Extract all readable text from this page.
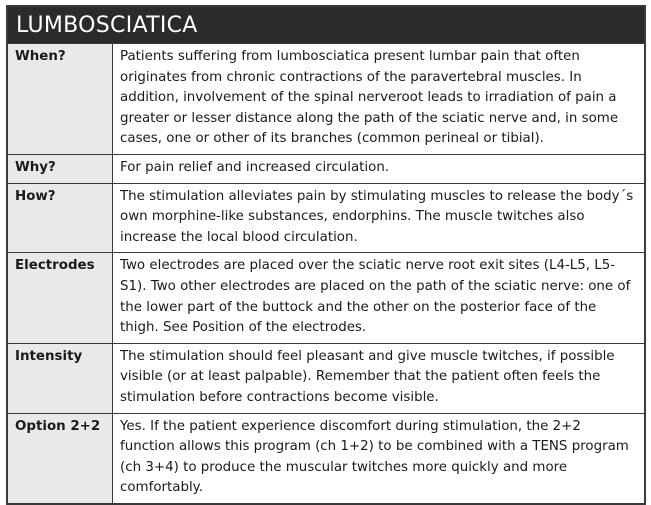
LUMBOSCIATICA
When?	Patients suffering from lumbosciatica present lumbar pain that often originates from chronic contractions of the paravertebral muscles. In addition, involvement of the spinal nerveroot leads to irradiation of pain a greater or lesser distance along the path of the sciatic nerve and, in some cases, one or other of its branches (common perineal or tibial).
Why?	For pain relief and increased circulation.
How?	The stimulation alleviates pain by stimulating muscles to release the body´s own morphine-like substances, endorphins. The muscle twitches also increase the local blood circulation.
Electrodes	Two electrodes are placed over the sciatic nerve root exit sites (L4-L5, L5-S1). Two other electrodes are placed on the path of the sciatic nerve: one of the lower part of the buttock and the other on the posterior face of the thigh. See Position of the electrodes.
Intensity	The stimulation should feel pleasant and give muscle twitches, if possible visible (or at least palpable). Remember that the patient often feels the stimulation before contractions become visible.
Option 2+2	Yes. If the patient experience discomfort during stimulation, the 2+2 function allows this program (ch 1+2) to be combined with a TENS program (ch 3+4) to produce the muscular twitches more quickly and more comfortably.
